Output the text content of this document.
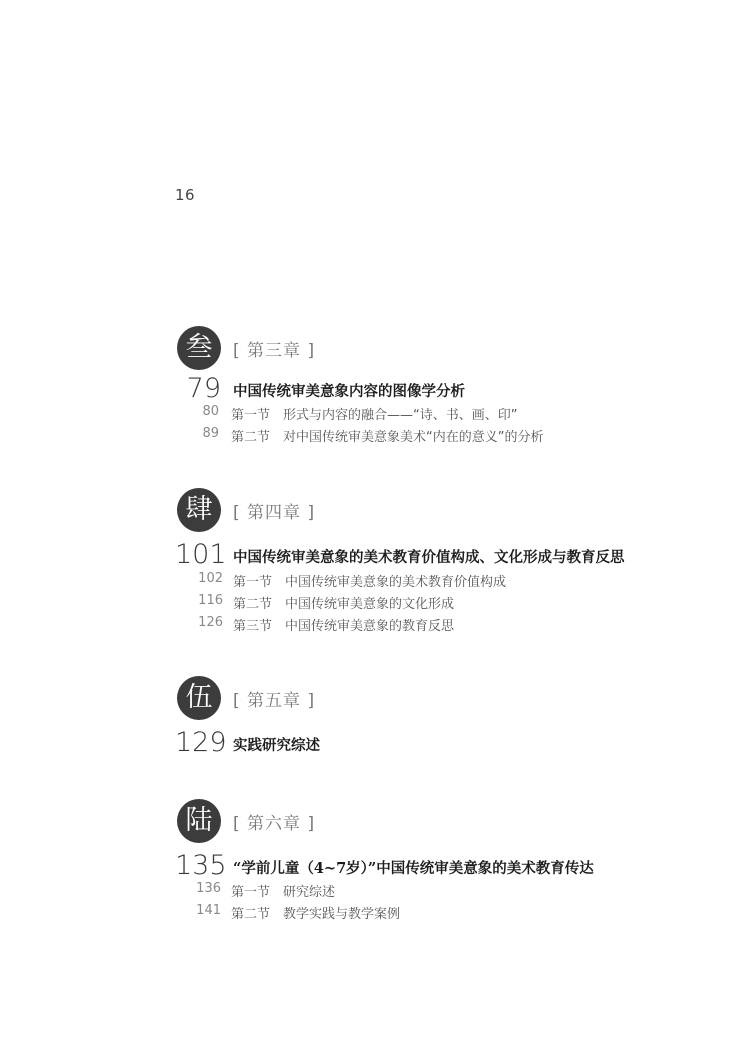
16
叁	[ 第三章 ]
79 中国传统审美意象内容的图像学分析
80 第一节 形式与内容的融合——“诗、书、画、印”
89 第二节 对中国传统审美意象美术“内在的意义”的分析
肆	[ 第四章 ]
101 中国传统审美意象的美术教育价值构成、文化形成与教育反思
102 第一节 中国传统审美意象的美术教育价值构成
116 第二节 中国传统审美意象的文化形成
126 第三节 中国传统审美意象的教育反思
伍	[ 第五章 ]
129 实践研究综述
陆	[ 第六章 ]
135 “学前儿童（4~7岁）”中国传统审美意象的美术教育传达
136 第一节 研究综述
141 第二节 教学实践与教学案例
